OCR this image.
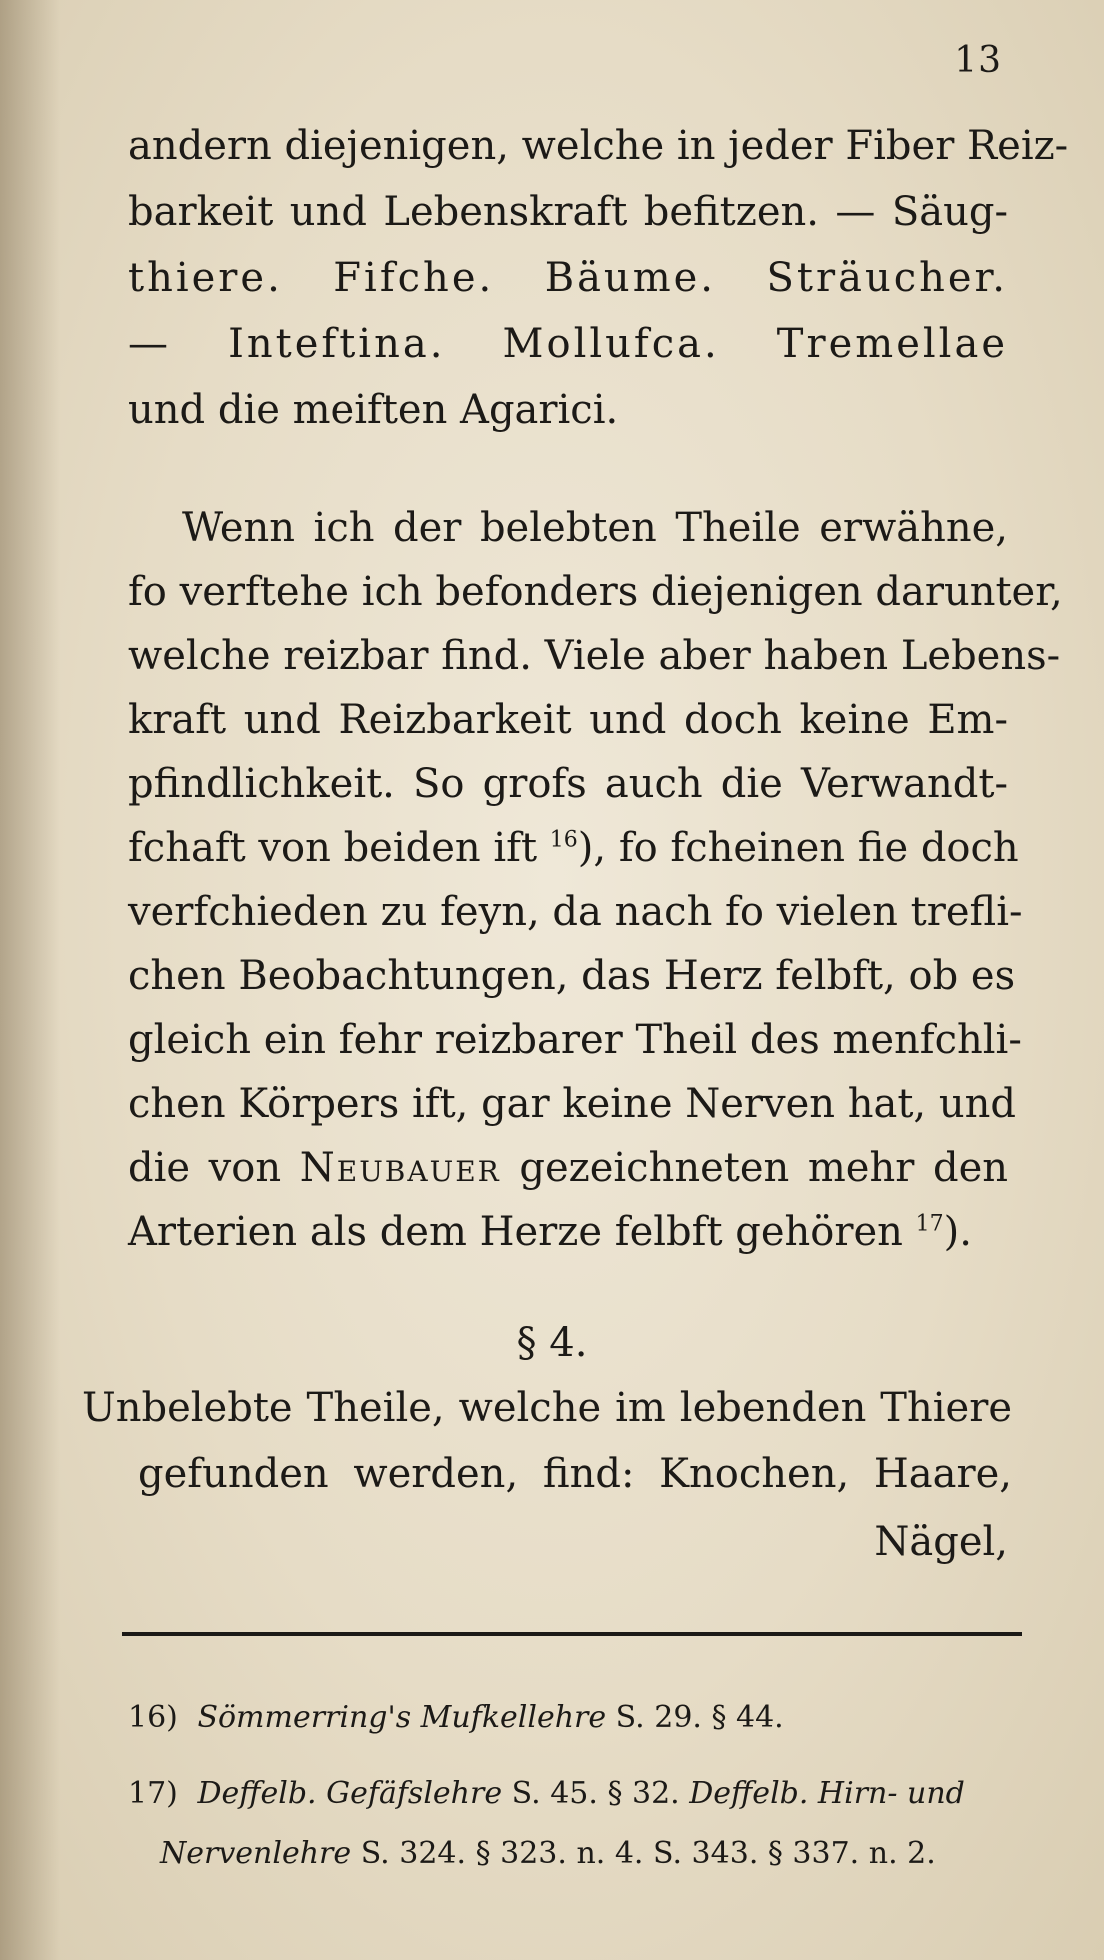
13
andern diejenigen, welche in jeder Fiber Reiz-
barkeit und Lebenskraft befitzen. — Säug-
thiere. Fifche. Bäume. Sträucher.
— Inteftina. Mollufca. Tremellae
und die meiften Agarici.
Wenn ich der belebten Theile erwähne,
fo verftehe ich befonders diejenigen darunter,
welche reizbar find. Viele aber haben Lebens-
kraft und Reizbarkeit und doch keine Em-
pfindlichkeit. So grofs auch die Verwandt-
fchaft von beiden ift $^{16}$), fo fcheinen fie doch
verfchieden zu feyn, da nach fo vielen trefli-
chen Beobachtungen, das Herz felbft, ob es
gleich ein fehr reizbarer Theil des menfchli-
chen Körpers ift, gar keine Nerven hat, und
die von Neubauer gezeichneten mehr den
Arterien als dem Herze felbft gehören $^{17}$).
§ 4.
Unbelebte Theile, welche im lebenden Thiere
gefunden werden, find: Knochen, Haare,
Nägel,
16) Sömmerring's Mufkellehre S. 29. § 44.
17) Deffelb. Gefäfslehre S. 45. § 32. Deffelb. Hirn- und
Nervenlehre S. 324. § 323. n. 4. S. 343. § 337. n. 2.
